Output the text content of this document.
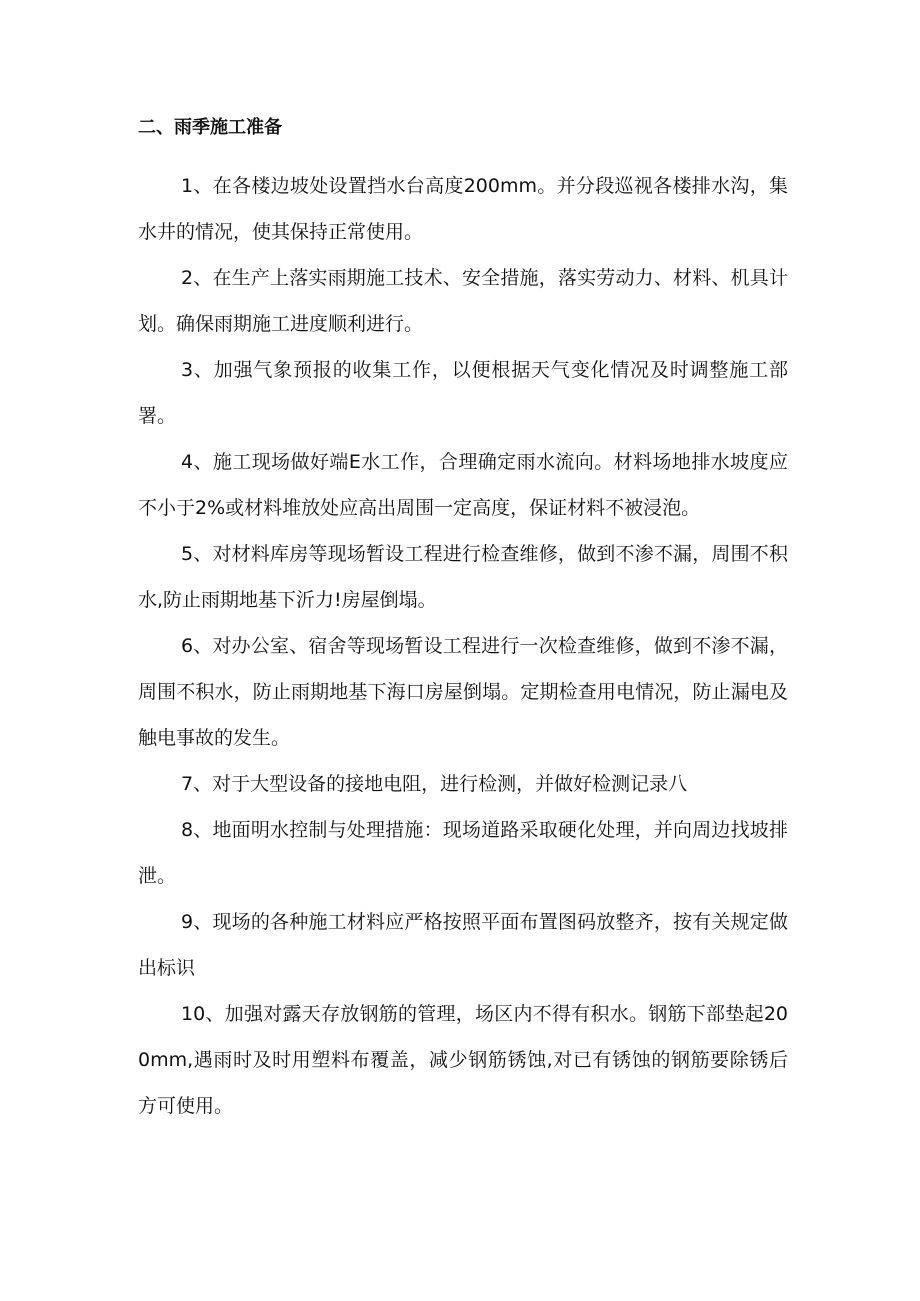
二、雨季施工准备

1、在各楼边坡处设置挡水台高度200mm。并分段巡视各楼排水沟，集水井的情况，使其保持正常使用。

2、在生产上落实雨期施工技术、安全措施，落实劳动力、材料、机具计划。确保雨期施工进度顺利进行。

3、加强气象预报的收集工作，以便根据天气变化情况及时调整施工部署。

4、施工现场做好端E水工作，合理确定雨水流向。材料场地排水坡度应不小于2%或材料堆放处应高出周围一定高度，保证材料不被浸泡。

5、对材料库房等现场暂设工程进行检查维修，做到不渗不漏，周围不积水,防止雨期地基下沂力!房屋倒塌。

6、对办公室、宿舍等现场暂设工程进行一次检查维修，做到不渗不漏，周围不积水，防止雨期地基下海口房屋倒塌。定期检查用电情况，防止漏电及触电事故的发生。

7、对于大型设备的接地电阻，进行检测，并做好检测记录八

8、地面明水控制与处理措施：现场道路采取硬化处理，并向周边找坡排泄。

9、现场的各种施工材料应严格按照平面布置图码放整齐，按有关规定做出标识

10、加强对露天存放钢筋的管理，场区内不得有积水。钢筋下部垫起200mm,遇雨时及时用塑料布覆盖，减少钢筋锈蚀,对已有锈蚀的钢筋要除锈后方可使用。
